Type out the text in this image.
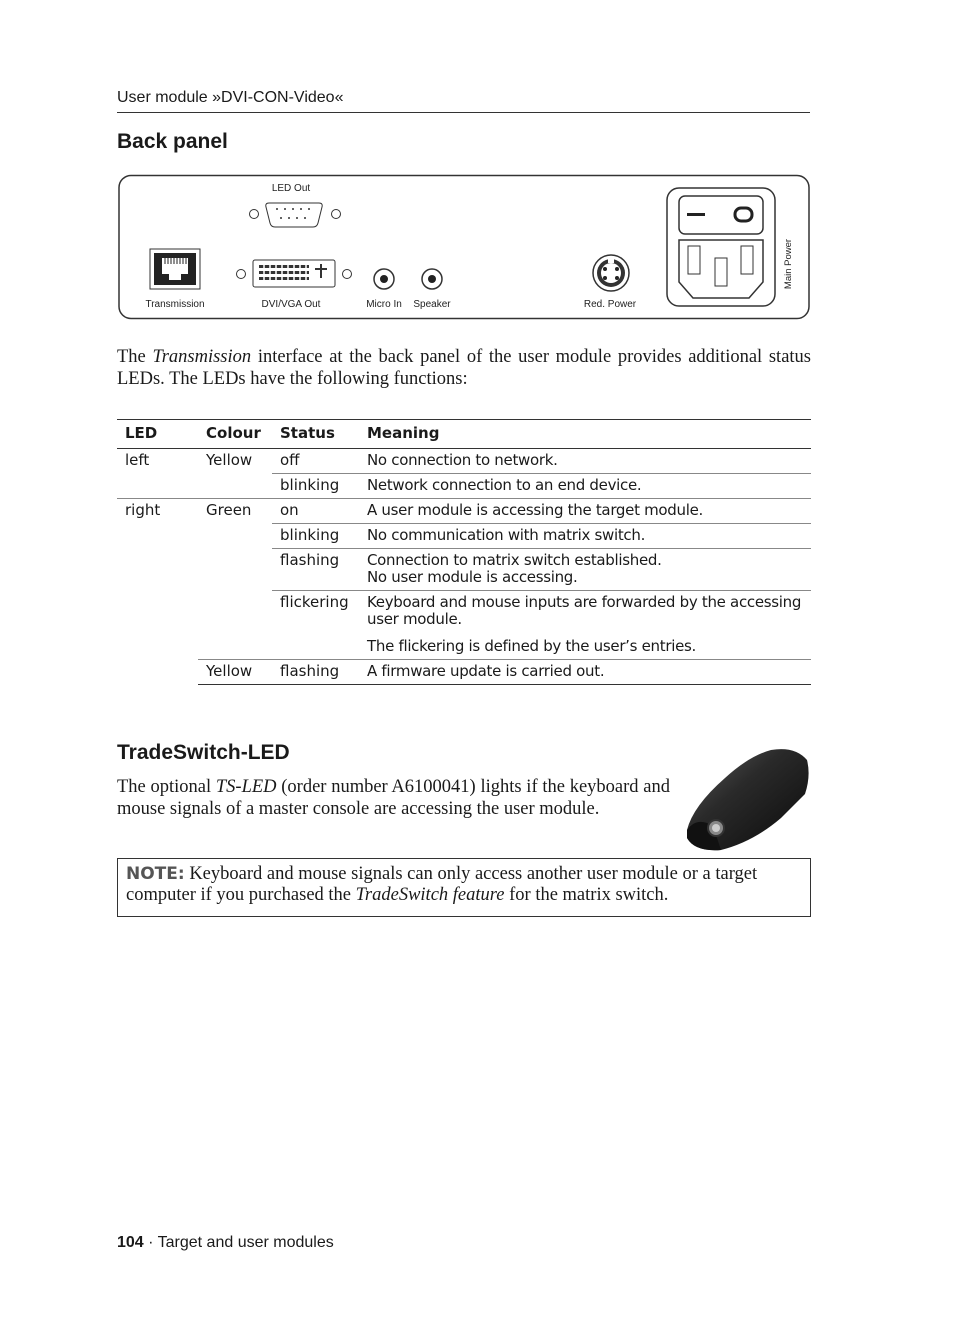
User module »DVI-CON-Video«
Back panel
LED Out
Transmission	DVI/VGA Out	Micro In Speaker	Red. Power
Main Power
The Transmission interface at the back panel of the user module provides additional status LEDs. The LEDs have the following functions:
LED	Colour	Status	Meaning
left	Yellow	off	No connection to network.
		blinking	Network connection to an end device.
right	Green	on	A user module is accessing the target module.
		blinking	No communication with matrix switch.
		flashing	Connection to matrix switch established.
No user module is accessing.
		flickering	Keyboard and mouse inputs are forwarded by the accessing user module.
The flickering is defined by the user’s entries.

	Yellow	flashing	A firmware update is carried out.
TradeSwitch-LED
The optional TS-LED (order number A6100041) lights if the keyboard and mouse signals of a master console are accessing the user module.
NOTE: Keyboard and mouse signals can only access another user module or a target computer if you purchased the TradeSwitch feature for the matrix switch.
104 · Target and user modules
